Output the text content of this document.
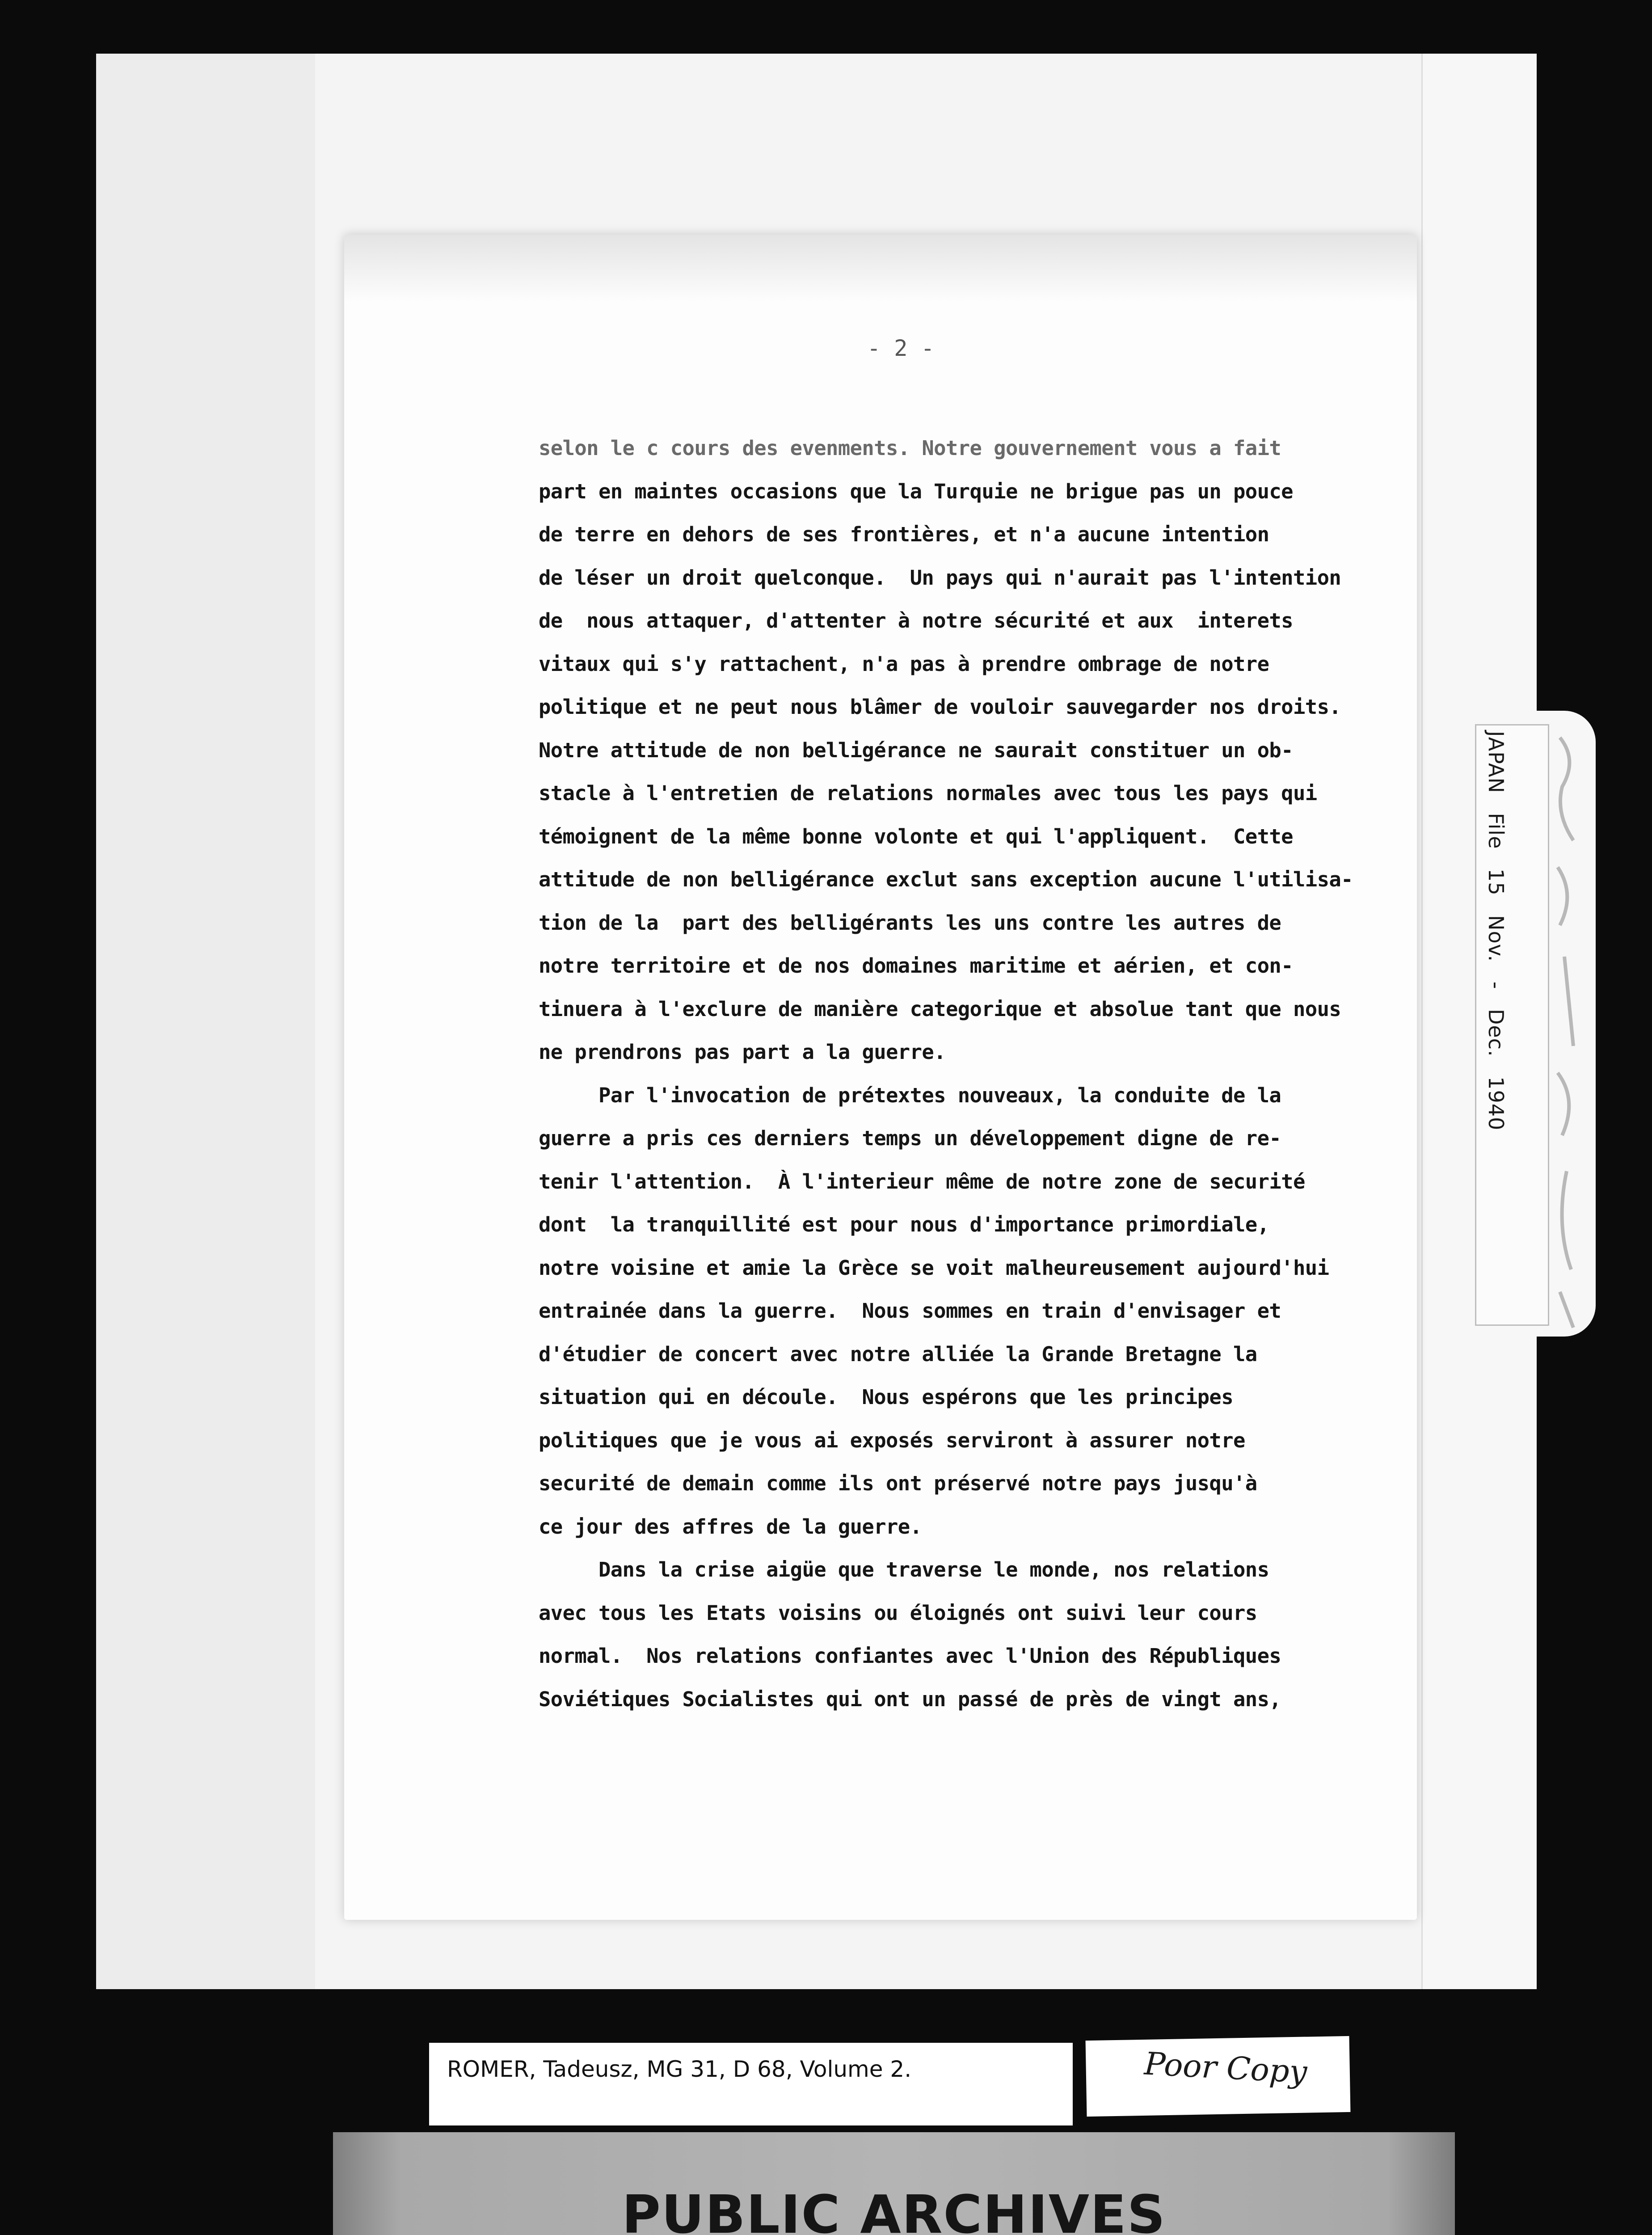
JAPAN File 15 Nov. - Dec. 1940
- 2 -
selon le c cours des evenments. Notre gouvernement vous a fait
part en maintes occasions que la Turquie ne brigue pas un pouce
de terre en dehors de ses frontières, et n'a aucune intention
de léser un droit quelconque.  Un pays qui n'aurait pas l'intention
de  nous attaquer, d'attenter à notre sécurité et aux  interets
vitaux qui s'y rattachent, n'a pas à prendre ombrage de notre
politique et ne peut nous blâmer de vouloir sauvegarder nos droits.
Notre attitude de non belligérance ne saurait constituer un ob-
stacle à l'entretien de relations normales avec tous les pays qui
témoignent de la même bonne volonte et qui l'appliquent.  Cette
attitude de non belligérance exclut sans exception aucune l'utilisa-
tion de la  part des belligérants les uns contre les autres de
notre territoire et de nos domaines maritime et aérien, et con-
tinuera à l'exclure de manière categorique et absolue tant que nous
ne prendrons pas part a la guerre.
Par l'invocation de prétextes nouveaux, la conduite de la
guerre a pris ces derniers temps un développement digne de re-
tenir l'attention.  À l'interieur même de notre zone de securité
dont  la tranquillité est pour nous d'importance primordiale,
notre voisine et amie la Grèce se voit malheureusement aujourd'hui
entrainée dans la guerre.  Nous sommes en train d'envisager et
d'étudier de concert avec notre alliée la Grande Bretagne la
situation qui en découle.  Nous espérons que les principes
politiques que je vous ai exposés serviront à assurer notre
securité de demain comme ils ont préservé notre pays jusqu'à
ce jour des affres de la guerre.
Dans la crise aigüe que traverse le monde, nos relations
avec tous les Etats voisins ou éloignés ont suivi leur cours
normal.  Nos relations confiantes avec l'Union des Républiques
Soviétiques Socialistes qui ont un passé de près de vingt ans,
ROMER, Tadeusz, MG 31, D 68, Volume 2.	Poor Copy
PUBLIC ARCHIVES
